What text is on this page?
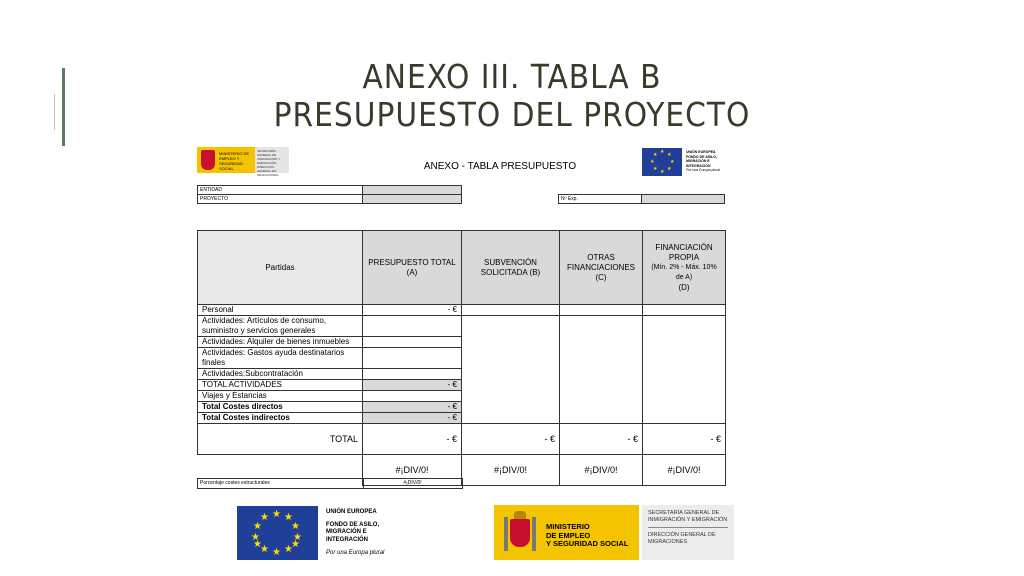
ANEXO III. TABLA B
PRESUPUESTO DEL PROYECTO
MINISTERIO DE EMPLEO Y SEGURIDAD SOCIAL
SECRETARÍA GENERAL DE INMIGRACIÓN Y EMIGRACIÓN DIRECCIÓN GENERAL DE MIGRACIONES
ANEXO - TABLA PRESUPUESTO
★ ★
★
★
★
★
★
★	UNIÓN EUROPEA
FONDO DE ASILO, MIGRACIÓN E INTEGRACIÓN
Por una Europa plural
ENTIDAD	
PROYECTO		Nº Exp.	
Partidas	PRESUPUESTO TOTAL (A)	SUBVENCIÓN SOLICITADA (B)	OTRAS FINANCIACIONES (C)	FINANCIACIÓN PROPIA
(Mín. 2% - Máx. 10% de A)
(D)

Personal	- €			
Actividades: Artículos de consumo, suministro y servicios generales				
Actividades: Alquiler de bienes inmuebles				
Actividades: Gastos ayuda destinatarios finales				
Actividades:Subcontratación				
TOTAL ACTIVIDADES	- €			
Viajes y Estancias				
Total Costes directos	- €			
Total Costes indirectos	- €			
TOTAL	- €	- €	- €	- €
	#¡DIV/0!	#¡DIV/0!	#¡DIV/0!	#¡DIV/0!
Porcentaje costes estructurales	#¡DIV/0!
★ ★
★
★
★
★
★
★
★
★
★
★
UNIÓN EUROPEA
FONDO DE ASILO, MIGRACIÓN E INTEGRACIÓN
Por una Europa plural
MINISTERIO
DE EMPLEO
Y SEGURIDAD SOCIAL
SECRETARÍA GENERAL DE INMIGRACIÓN Y EMIGRACIÓN
DIRECCIÓN GENERAL DE MIGRACIONES
